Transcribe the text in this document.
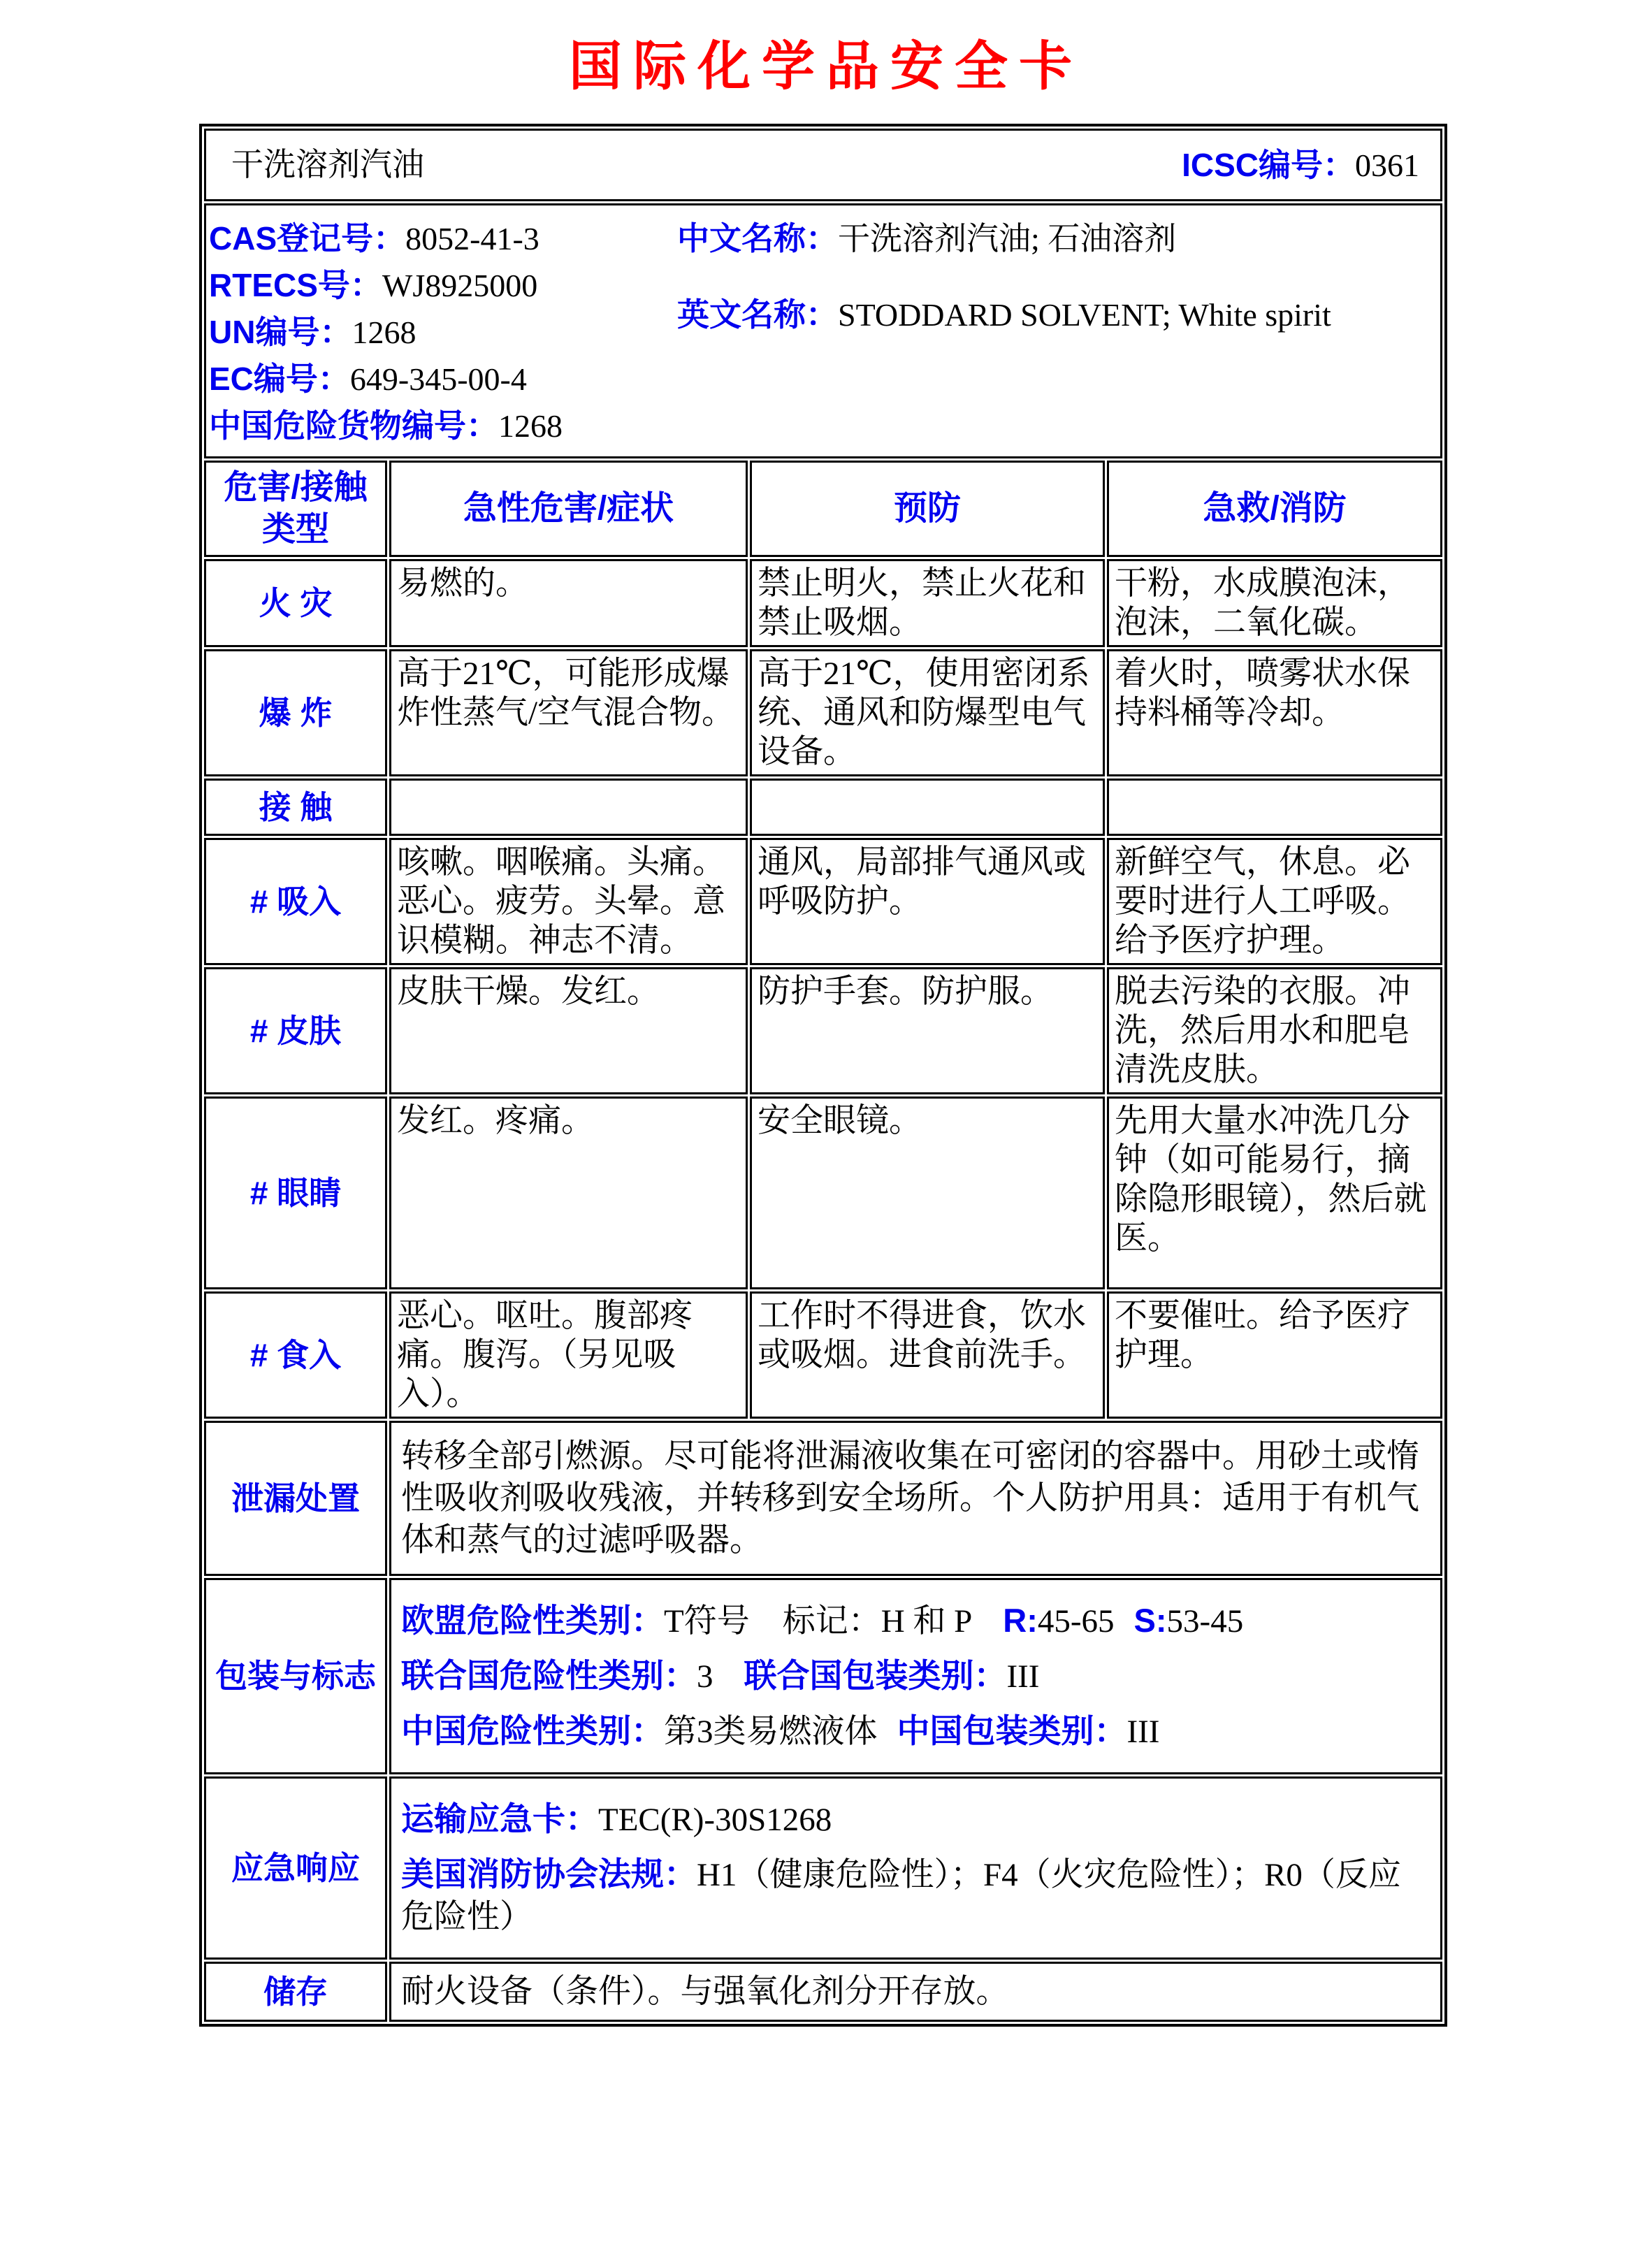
国际化学品安全卡
干洗溶剂汽油 ICSC编号：0361			

CAS登记号：8052-41-3
RTECS号：WJ8925000
UN编号：1268
EC编号：649-345-00-4
中国危险货物编号：1268
中文名称：干洗溶剂汽油; 石油溶剂
英文名称：STODDARD SOLVENT; White spirit

危害/接触类型	急性危害/症状	预防	急救/消防
火 灾	易燃的。	禁止明火，禁止火花和禁止吸烟。	干粉，水成膜泡沫，泡沫，二氧化碳。
爆 炸	高于21℃，可能形成爆炸性蒸气/空气混合物。	高于21℃，使用密闭系统、通风和防爆型电气设备。	着火时，喷雾状水保持料桶等冷却。
接 触			
# 吸入	咳嗽。咽喉痛。头痛。恶心。疲劳。头晕。意识模糊。神志不清。	通风，局部排气通风或呼吸防护。	新鲜空气，休息。必要时进行人工呼吸。给予医疗护理。
# 皮肤	皮肤干燥。发红。	防护手套。防护服。	脱去污染的衣服。冲洗，然后用水和肥皂清洗皮肤。
# 眼睛	发红。疼痛。	安全眼镜。	先用大量水冲洗几分钟（如可能易行，摘除隐形眼镜），然后就医。
# 食入	恶心。呕吐。腹部疼痛。腹泻。（另见吸入）。	工作时不得进食，饮水或吸烟。进食前洗手。	不要催吐。给予医疗护理。
泄漏处置	转移全部引燃源。尽可能将泄漏液收集在可密闭的容器中。用砂土或惰性吸收剂吸收残液，并转移到安全场所。个人防护用具：适用于有机气体和蒸气的过滤呼吸器。		

包装与标志	欧盟危险性类别：T符号　标记：H 和 P R:45-65 S:53-45

联合国危险性类别：3 联合国包装类别：III

中国危险性类别：第3类易燃液体 中国包装类别：III		

应急响应	运输应急卡：TEC(R)-30S1268

美国消防协会法规：H1（健康危险性）；F4（火灾危险性）；R0（反应危险性）		

储存	耐火设备（条件）。与强氧化剂分开存放。		
